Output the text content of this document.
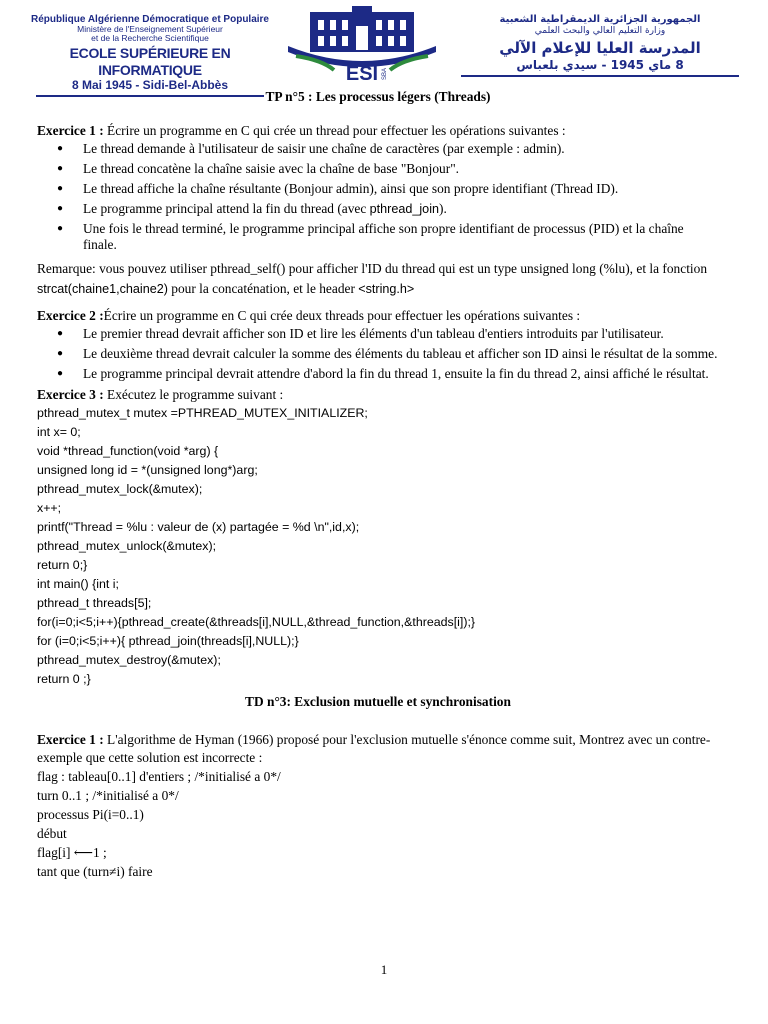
République Algérienne Démocratique et Populaire
Ministère de l'Enseignement Supérieur
et de la Recherche Scientifique
ECOLE SUPÉRIEURE EN INFORMATIQUE
8 Mai 1945 - Sidi-Bel-Abbès	ESI SBA
الجمهورية الجزائرية الديمقراطية الشعبية
وزارة التعليم العالي والبحث العلمي
المدرسة العليا للإعلام الآلي
8 ماي 1945 - سيدي بلعباس
TP n°5 : Les processus légers (Threads)

Exercice 1 : Écrire un programme en C qui crée un thread pour effectuer les opérations suivantes :

● Le thread demande à l'utilisateur de saisir une chaîne de caractères (par exemple : admin).
● Le thread concatène la chaîne saisie avec la chaîne de base "Bonjour".
● Le thread affiche la chaîne résultante (Bonjour admin), ainsi que son propre identifiant (Thread ID).
● Le programme principal attend la fin du thread (avec pthread_join).
● Une fois le thread terminé, le programme principal affiche son propre identifiant de processus (PID) et la chaîne finale.

Remarque: vous pouvez utiliser pthread_self() pour afficher l'ID du thread qui est un type unsigned long (%lu), et la fonction strcat(chaine1,chaine2) pour la concaténation, et le header <string.h>

Exercice 2 :Écrire un programme en C qui crée deux threads pour effectuer les opérations suivantes :

● Le premier thread devrait afficher son ID et lire les éléments d'un tableau d'entiers introduits par l'utilisateur.
● Le deuxième thread devrait calculer la somme des éléments du tableau et afficher son ID ainsi le résultat de la somme.
● Le programme principal devrait attendre d'abord la fin du thread 1, ensuite la fin du thread 2, ainsi affiché le résultat.

Exercice 3 : Exécutez le programme suivant :

pthread_mutex_t mutex =PTHREAD_MUTEX_INITIALIZER;
int x= 0;
void *thread_function(void *arg) {
unsigned long id = *(unsigned long*)arg;
pthread_mutex_lock(&mutex);
x++;
printf("Thread = %lu : valeur de (x) partagée = %d \n",id,x);
pthread_mutex_unlock(&mutex);
return 0;}
int main() {int i;
pthread_t threads[5];
for(i=0;i<5;i++){pthread_create(&threads[i],NULL,&thread_function,&threads[i]);}
for (i=0;i<5;i++){ pthread_join(threads[i],NULL);}
pthread_mutex_destroy(&mutex);
return 0 ;}
TD n°3: Exclusion mutuelle et synchronisation

Exercice 1 : L'algorithme de Hyman (1966) proposé pour l'exclusion mutuelle s'énonce comme suit, Montrez avec un contre-exemple que cette solution est incorrecte :

flag : tableau[0..1] d'entiers ; /*initialisé a 0*/
turn 0..1 ; /*initialisé a 0*/
processus Pi(i=0..1)
début
flag[i] ⟵1 ;
tant que (turn≠i) faire
1
